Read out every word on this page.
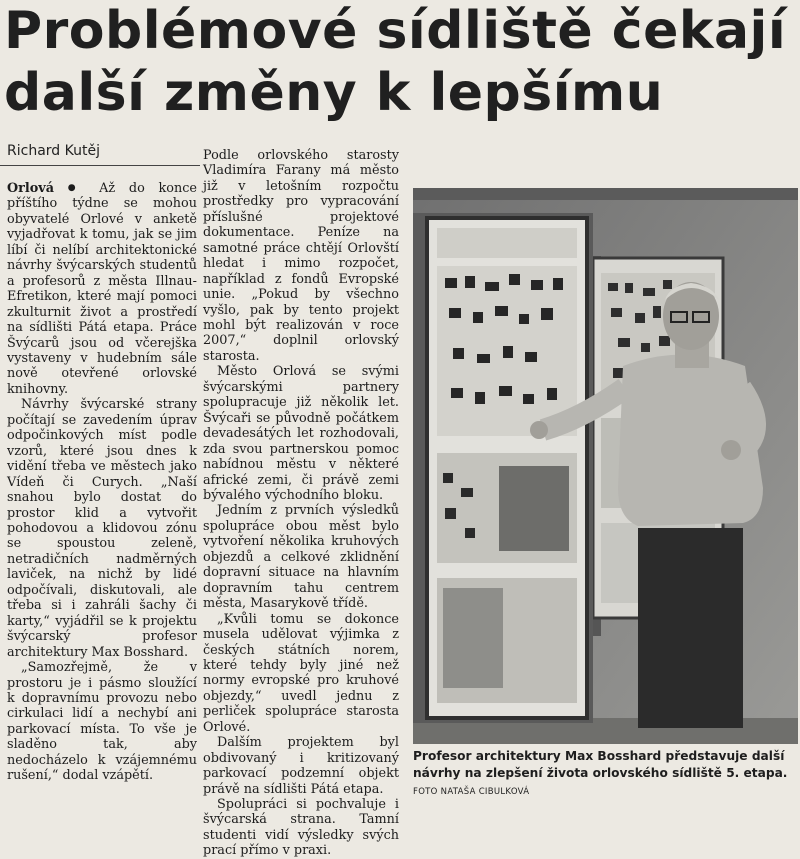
Problémové sídliště čekají
další změny k lepšímu
Richard Kutěj

Orlová ● Až do konce příštího týdne se mohou obyvatelé Orlové v anketě vyjadřovat k tomu, jak se jim líbí či nelíbí architektonické návrhy švýcarských studentů a profesorů z města Illnau-Efretikon, které mají pomoci zkulturnit život a prostředí na sídlišti Pátá etapa. Práce Švýcarů jsou od včerejška vystaveny v hudebním sále nově otevřené orlovské knihovny.

Návrhy švýcarské strany počítají se zavedením úprav odpočinkových míst podle vzorů, které jsou dnes k vidění třeba ve městech jako Vídeň či Curych. „Naší snahou bylo dostat do prostor klid a vytvořit pohodovou a klidovou zónu se spoustou zeleně, netradičních nadměrných laviček, na nichž by lidé odpočívali, diskutovali, ale třeba si i zahráli šachy či karty,“ vyjádřil se k projektu švýcarský profesor architektury Max Bosshard.

„Samozřejmě, že v prostoru je i pásmo sloužící k dopravnímu provozu nebo cirkulaci lidí a nechybí ani parkovací místa. To vše je sladěno tak, aby nedocházelo k vzájemnému rušení,“ dodal vzápětí.

Podle orlovského starosty Vladimíra Farany má město již v letošním rozpočtu prostředky pro vypracování příslušné projektové dokumentace. Peníze na samotné práce chtějí Orlovští hledat i mimo rozpočet, například z fondů Evropské unie. „Pokud by všechno vyšlo, pak by tento projekt mohl být realizován v roce 2007,“ doplnil orlovský starosta.

Město Orlová se svými švýcarskými partnery spolupracuje již několik let. Švýcaři se původně počátkem devadesátých let rozhodovali, zda svou partnerskou pomoc nabídnou městu v některé africké zemi, či právě zemi bývalého východního bloku.

Jedním z prvních výsledků spolupráce obou měst bylo vytvoření několika kruhových objezdů a celkové zklidnění dopravní situace na hlavním dopravním tahu centrem města, Masarykově třídě.

„Kvůli tomu se dokonce musela udělovat výjimka z českých státních norem, které tehdy byly jiné než normy evropské pro kruhové objezdy,“ uvedl jednu z perliček spolupráce starosta Orlové.

Dalším projektem byl obdivovaný i kritizovaný parkovací podzemní objekt právě na sídlišti Pátá etapa.

Spolupráci si pochvaluje i švýcarská strana. Tamní studenti vidí výsledky svých prací přímo v praxi.

Profesor architektury Max Bosshard představuje další návrhy na zlepšení života orlovského sídliště 5. etapa. FOTO NATAŠA CIBULKOVÁ
